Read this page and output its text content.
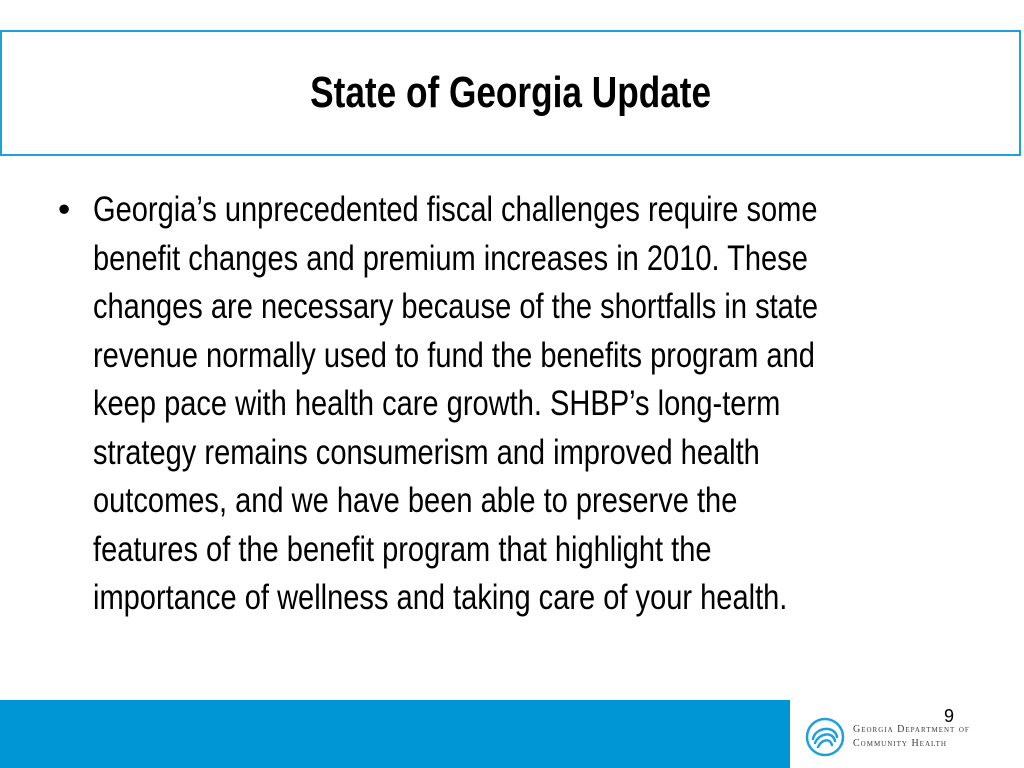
State of Georgia Update
• Georgia’s unprecedented fiscal challenges require some benefit changes and premium increases in 2010. These changes are necessary because of the shortfalls in state revenue normally used to fund the benefits program and keep pace with health care growth. SHBP’s long-term strategy remains consumerism and improved health outcomes, and we have been able to preserve the features of the benefit program that highlight the importance of wellness and taking care of your health.
9
Georgia Department of
Community Health
